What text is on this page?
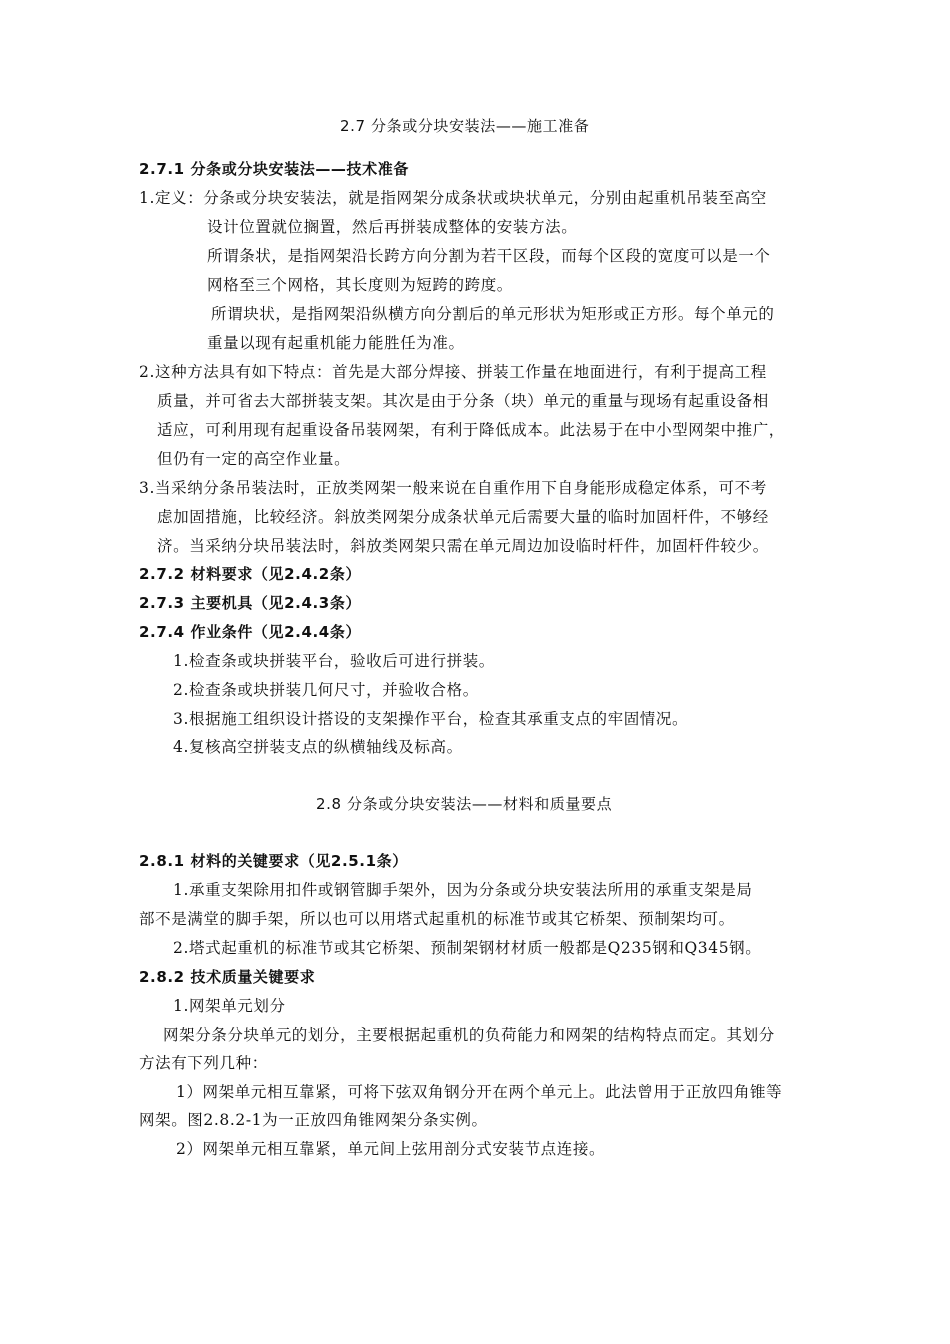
2.7 分条或分块安装法——施工准备
2.7.1 分条或分块安装法——技术准备
1.定义：分条或分块安装法，就是指网架分成条状或块状单元，分别由起重机吊装至高空
设计位置就位搁置，然后再拼装成整体的安装方法。
所谓条状，是指网架沿长跨方向分割为若干区段，而每个区段的宽度可以是一个
网格至三个网格，其长度则为短跨的跨度。
所谓块状，是指网架沿纵横方向分割后的单元形状为矩形或正方形。每个单元的
重量以现有起重机能力能胜任为准。
2.这种方法具有如下特点：首先是大部分焊接、拼装工作量在地面进行，有利于提高工程
质量，并可省去大部拼装支架。其次是由于分条（块）单元的重量与现场有起重设备相
适应，可利用现有起重设备吊装网架，有利于降低成本。此法易于在中小型网架中推广，
但仍有一定的高空作业量。
3.当采纳分条吊装法时，正放类网架一般来说在自重作用下自身能形成稳定体系，可不考
虑加固措施，比较经济。斜放类网架分成条状单元后需要大量的临时加固杆件，不够经
济。当采纳分块吊装法时，斜放类网架只需在单元周边加设临时杆件，加固杆件较少。
2.7.2 材料要求（见2.4.2条）
2.7.3 主要机具（见2.4.3条）
2.7.4 作业条件（见2.4.4条）
1.检查条或块拼装平台，验收后可进行拼装。
2.检查条或块拼装几何尺寸，并验收合格。
3.根据施工组织设计搭设的支架操作平台，检查其承重支点的牢固情况。
4.复核高空拼装支点的纵横轴线及标高。
2.8 分条或分块安装法——材料和质量要点
2.8.1 材料的关键要求（见2.5.1条）
1.承重支架除用扣件或钢管脚手架外，因为分条或分块安装法所用的承重支架是局
部不是满堂的脚手架，所以也可以用塔式起重机的标准节或其它桥架、预制架均可。
2.塔式起重机的标准节或其它桥架、预制架钢材材质一般都是Q235钢和Q345钢。
2.8.2 技术质量关键要求
1.网架单元划分
网架分条分块单元的划分，主要根据起重机的负荷能力和网架的结构特点而定。其划分
方法有下列几种：
1）网架单元相互靠紧，可将下弦双角钢分开在两个单元上。此法曾用于正放四角锥等
网架。图2.8.2-1为一正放四角锥网架分条实例。
2）网架单元相互靠紧，单元间上弦用剖分式安装节点连接。
